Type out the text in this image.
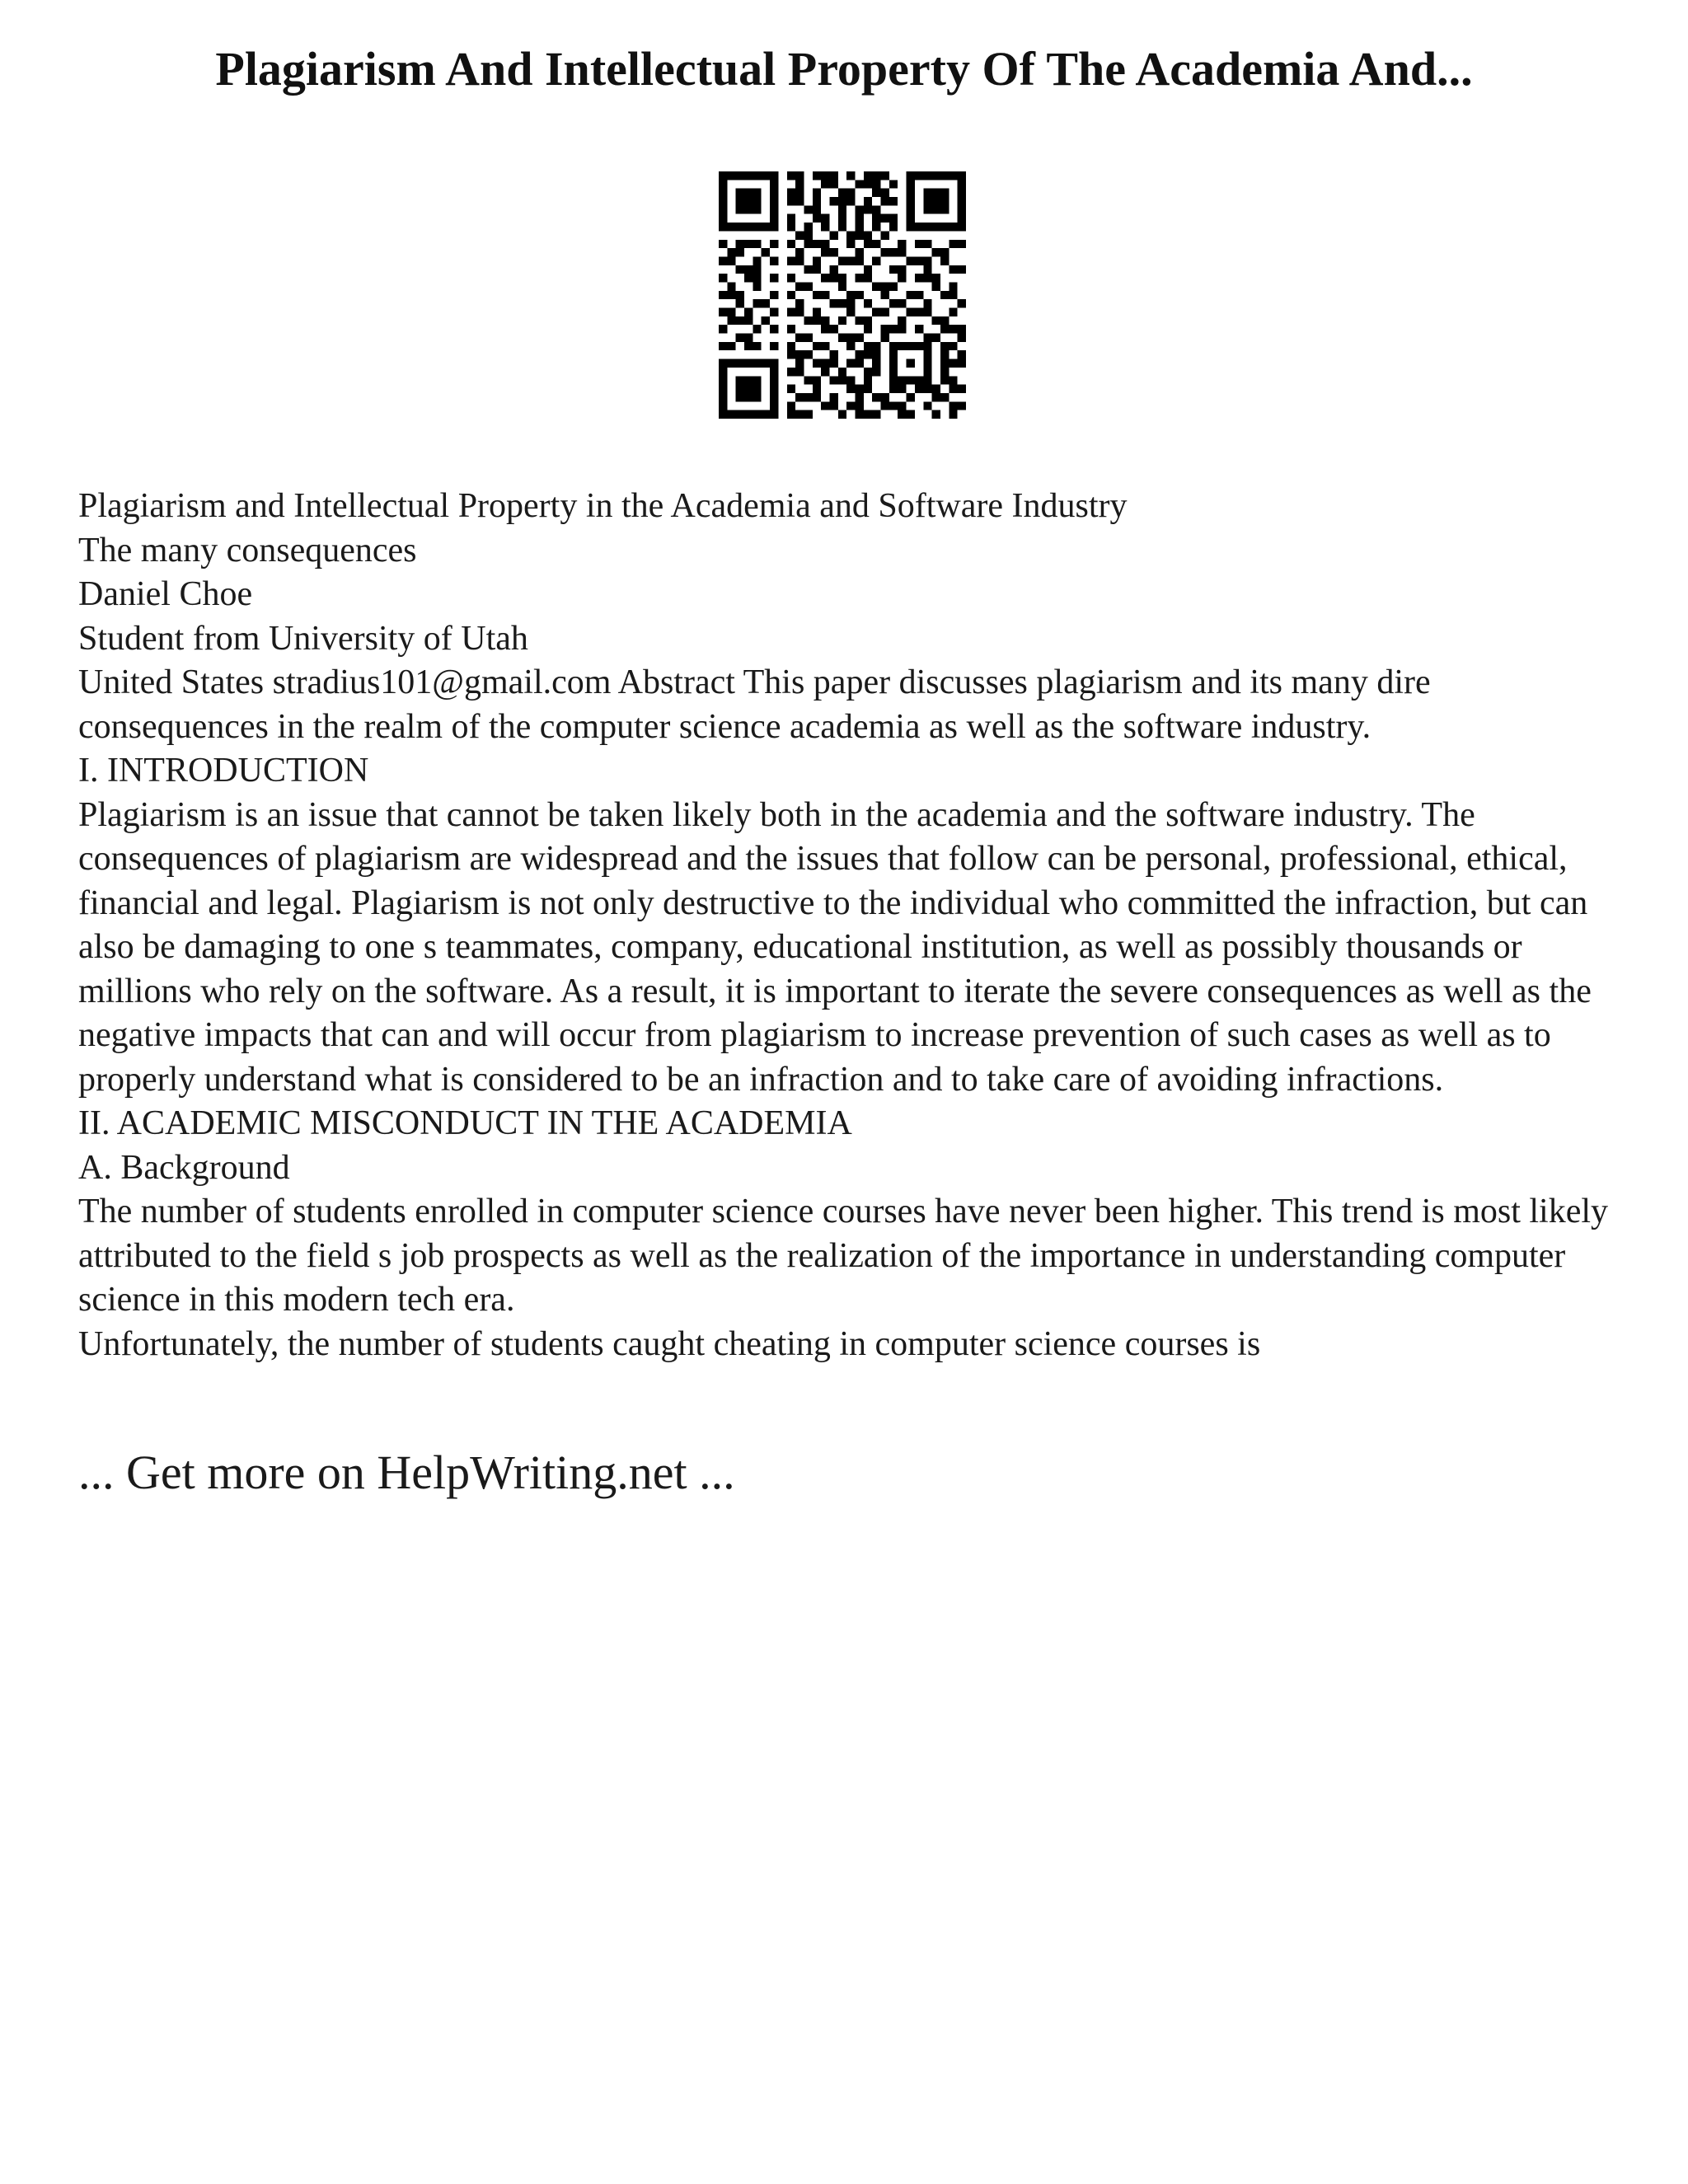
Plagiarism And Intellectual Property Of The Academia And...
Plagiarism and Intellectual Property in the Academia and Software Industry
The many consequences
Daniel Choe
Student from University of Utah
United States stradius101@gmail.com Abstract This paper discusses plagiarism and its many dire consequences in the realm of the computer science academia as well as the software industry.
I. INTRODUCTION
Plagiarism is an issue that cannot be taken likely both in the academia and the software industry. The consequences of plagiarism are widespread and the issues that follow can be personal, professional, ethical, financial and legal. Plagiarism is not only destructive to the individual who committed the infraction, but can also be damaging to one s teammates, company, educational institution, as well as possibly thousands or millions who rely on the software. As a result, it is important to iterate the severe consequences as well as the negative impacts that can and will occur from plagiarism to increase prevention of such cases as well as to properly understand what is considered to be an infraction and to take care of avoiding infractions.
II. ACADEMIC MISCONDUCT IN THE ACADEMIA
A. Background
The number of students enrolled in computer science courses have never been higher. This trend is most likely attributed to the field s job prospects as well as the realization of the importance in understanding computer science in this modern tech era.
Unfortunately, the number of students caught cheating in computer science courses is
... Get more on HelpWriting.net ...
